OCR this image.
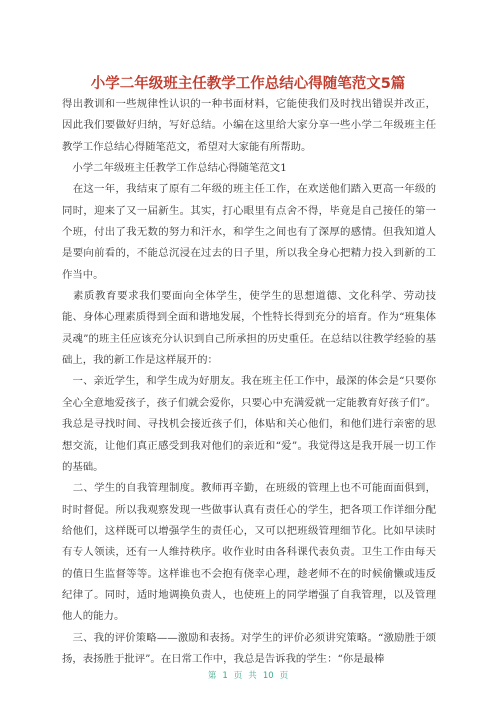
小学二年级班主任教学工作总结心得随笔范文5篇

得出教训和一些规律性认识的一种书面材料，它能使我们及时找出错误并改正，因此我们要做好归纳，写好总结。小编在这里给大家分享一些小学二年级班主任教学工作总结心得随笔范文，希望对大家能有所帮助。

　小学二年级班主任教学工作总结心得随笔范文1

　在这一年，我结束了原有二年级的班主任工作，在欢送他们踏入更高一年级的同时，迎来了又一届新生。其实，打心眼里有点舍不得，毕竟是自己接任的第一个班，付出了我无数的努力和汗水，和学生之间也有了深厚的感情。但我知道人是要向前看的，不能总沉浸在过去的日子里，所以我全身心把精力投入到新的工作当中。

　素质教育要求我们要面向全体学生，使学生的思想道德、文化科学、劳动技能、身体心理素质得到全面和谐地发展，个性特长得到充分的培育。作为“班集体灵魂”的班主任应该充分认识到自己所承担的历史重任。在总结以往教学经验的基础上，我的新工作是这样展开的：

　一、亲近学生，和学生成为好朋友。我在班主任工作中，最深的体会是“只要你全心全意地爱孩子，孩子们就会爱你，只要心中充满爱就一定能教育好孩子们”。我总是寻找时间、寻找机会接近孩子们，体贴和关心他们，和他们进行亲密的思想交流，让他们真正感受到我对他们的亲近和“爱”。我觉得这是我开展一切工作的基础。

　二、学生的自我管理制度。教师再辛勤，在班级的管理上也不可能面面俱到，时时督促。所以我观察发现一些做事认真有责任心的学生，把各项工作详细分配给他们，这样既可以增强学生的责任心，又可以把班级管理细节化。比如早读时有专人领读，还有一人维持秩序。收作业时由各科课代表负责。卫生工作由每天的值日生监督等等。这样谁也不会抱有侥幸心理，趁老师不在的时候偷懒或违反纪律了。同时，适时地调换负责人，也使班上的同学增强了自我管理，以及管理他人的能力。

　三、我的评价策略——激励和表扬。对学生的评价必须讲究策略。“激励胜于颂扬，表扬胜于批评”。在日常工作中，我总是告诉我的学生：“你是最棒

第 1 页 共 10 页
